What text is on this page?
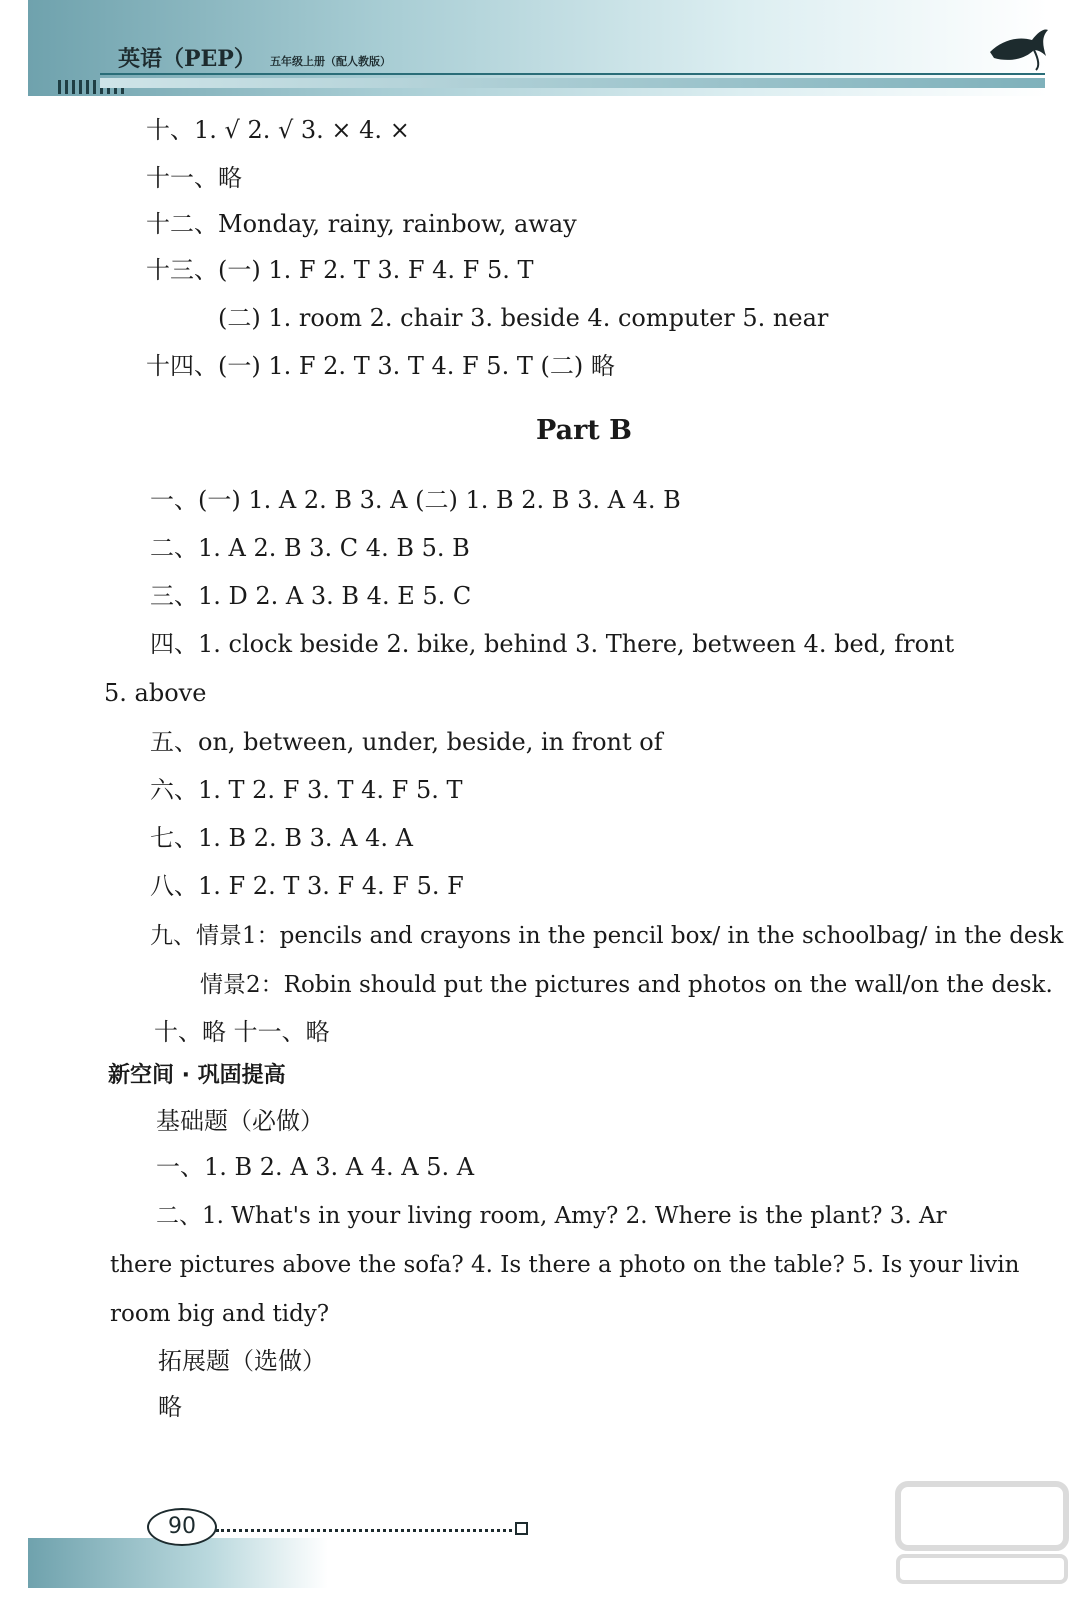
英语（PEP） 五年级上册（配人教版）
十、1. √ 2. √ 3. × 4. ×
十一、略
十二、Monday, rainy, rainbow, away
十三、(一) 1. F 2. T 3. F 4. F 5. T
(二) 1. room 2. chair 3. beside 4. computer 5. near
十四、(一) 1. F 2. T 3. T 4. F 5. T (二) 略
Part B
一、(一) 1. A 2. B 3. A (二) 1. B 2. B 3. A 4. B
二、1. A 2. B 3. C 4. B 5. B
三、1. D 2. A 3. B 4. E 5. C
四、1. clock beside 2. bike, behind 3. There, between 4. bed, front
5. above
五、on, between, under, beside, in front of
六、1. T 2. F 3. T 4. F 5. T
七、1. B 2. B 3. A 4. A
八、1. F 2. T 3. F 4. F 5. F
九、情景1：pencils and crayons in the pencil box/ in the schoolbag/ in the desk
情景2：Robin should put the pictures and photos on the wall/on the desk.
十、略 十一、略
新空间 · 巩固提高
基础题（必做）
一、1. B 2. A 3. A 4. A 5. A
二、1. What's in your living room, Amy? 2. Where is the plant? 3. Ar
there pictures above the sofa? 4. Is there a photo on the table? 5. Is your livin
room big and tidy?
拓展题（选做）
略
90
